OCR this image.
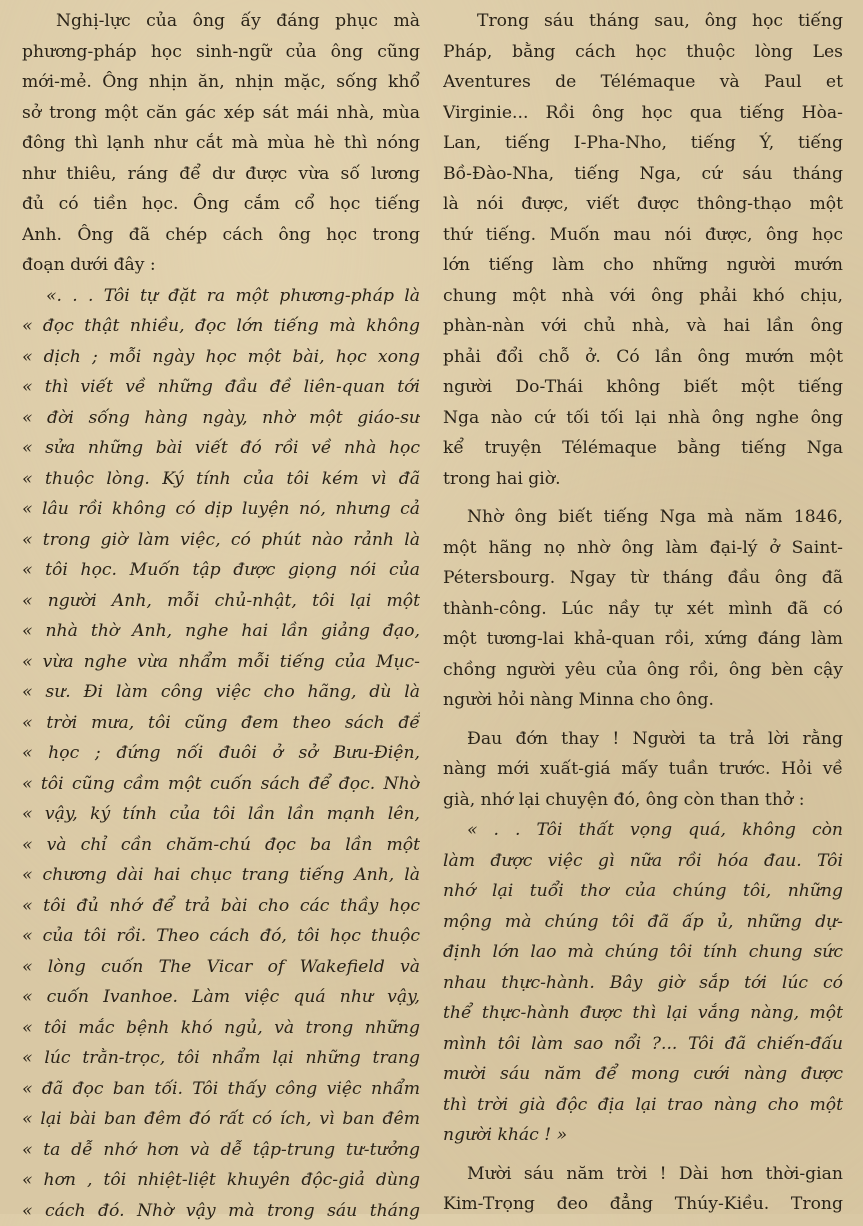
Nghị-lực của ông ấy đáng phục mà
phương-pháp học sinh-ngữ của ông cũng
mới-mẻ. Ông nhịn ăn, nhịn mặc, sống khổ
sở trong một căn gác xép sát mái nhà, mùa
đông thì lạnh như cắt mà mùa hè thì nóng
như thiêu, ráng để dư được vừa số lương
đủ có tiền học. Ông cắm cổ học tiếng
Anh. Ông đã chép cách ông học trong
đoạn dưới đây :
«. . . Tôi tự đặt ra một phương-pháp là
« đọc thật nhiều, đọc lớn tiếng mà không
« dịch ; mỗi ngày học một bài, học xong
« thì viết về những đầu đề liên-quan tới
« đời sống hàng ngày, nhờ một giáo-sư
« sửa những bài viết đó rồi về nhà học
« thuộc lòng. Ký tính của tôi kém vì đã
« lâu rồi không có dịp luyện nó, nhưng cả
« trong giờ làm việc, có phút nào rảnh là
« tôi học. Muốn tập được giọng nói của
« người Anh, mỗi chủ-nhật, tôi lại một
« nhà thờ Anh, nghe hai lần giảng đạo,
« vừa nghe vừa nhẩm mỗi tiếng của Mục-
« sư. Đi làm công việc cho hãng, dù là
« trời mưa, tôi cũng đem theo sách để
« học ; đứng nối đuôi ở sở Bưu-Điện,
« tôi cũng cầm một cuốn sách để đọc. Nhờ
« vậy, ký tính của tôi lần lần mạnh lên,
« và chỉ cần chăm-chú đọc ba lần một
« chương dài hai chục trang tiếng Anh, là
« tôi đủ nhớ để trả bài cho các thầy học
« của tôi rồi. Theo cách đó, tôi học thuộc
« lòng cuốn The Vicar of Wakefield và
« cuốn Ivanhoe. Làm việc quá như vậy,
« tôi mắc bệnh khó ngủ, và trong những
« lúc trằn-trọc, tôi nhẩm lại những trang
« đã đọc ban tối. Tôi thấy công việc nhẩm
« lại bài ban đêm đó rất có ích, vì ban đêm
« ta dễ nhớ hơn và dễ tập-trung tư-tưởng
« hơn , tôi nhiệt-liệt khuyên độc-giả dùng
« cách đó. Nhờ vậy mà trong sáu tháng
Trong sáu tháng sau, ông học tiếng
Pháp, bằng cách học thuộc lòng Les
Aventures de Télémaque và Paul et
Virginie... Rồi ông học qua tiếng Hòa-
Lan, tiếng I-Pha-Nho, tiếng Ý, tiếng
Bồ-Đào-Nha, tiếng Nga, cứ sáu tháng
là nói được, viết được thông-thạo một
thứ tiếng. Muốn mau nói được, ông học
lớn tiếng làm cho những người mướn
chung một nhà với ông phải khó chịu,
phàn-nàn với chủ nhà, và hai lần ông
phải đổi chỗ ở. Có lần ông mướn một
người Do-Thái không biết một tiếng
Nga nào cứ tối tối lại nhà ông nghe ông
kể truyện Télémaque bằng tiếng Nga
trong hai giờ.
Nhờ ông biết tiếng Nga mà năm 1846,
một hãng nọ nhờ ông làm đại-lý ở Saint-
Pétersbourg. Ngay từ tháng đầu ông đã
thành-công. Lúc nầy tự xét mình đã có
một tương-lai khả-quan rồi, xứng đáng làm
chồng người yêu của ông rồi, ông bèn cậy
người hỏi nàng Minna cho ông.
Đau đớn thay ! Người ta trả lời rằng
nàng mới xuất-giá mấy tuần trước. Hỏi về
già, nhớ lại chuyện đó, ông còn than thở :
« . . Tôi thất vọng quá, không còn
làm được việc gì nữa rồi hóa đau. Tôi
nhớ lại tuổi thơ của chúng tôi, những
mộng mà chúng tôi đã ấp ủ, những dự-
định lớn lao mà chúng tôi tính chung sức
nhau thực-hành. Bây giờ sắp tới lúc có
thể thực-hành được thì lại vắng nàng, một
mình tôi làm sao nổi ?... Tôi đã chiến-đấu
mười sáu năm để mong cưới nàng được
thì trời già độc địa lại trao nàng cho một
người khác ! »
Mười sáu năm trời ! Dài hơn thời-gian
Kim-Trọng đeo đẳng Thúy-Kiều. Trong
